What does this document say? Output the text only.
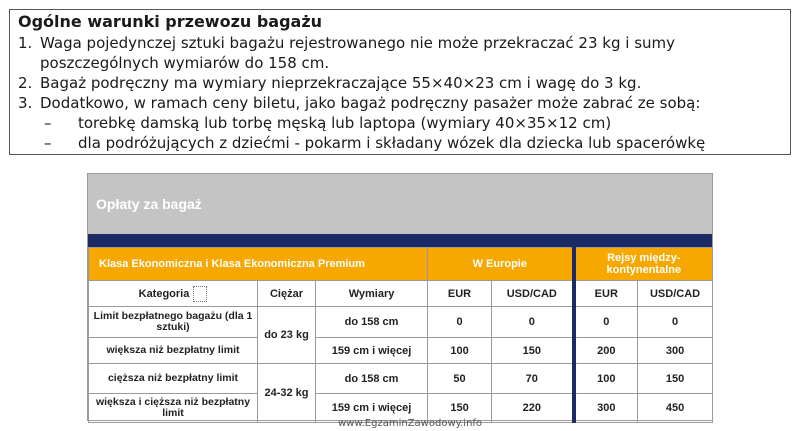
Ogólne warunki przewozu bagażu
1. Waga pojedynczej sztuki bagażu rejestrowanego nie może przekraczać 23 kg i sumy poszczególnych wymiarów do 158 cm.
2. Bagaż podręczny ma wymiary nieprzekraczające 55×40×23 cm i wagę do 3 kg.
3. Dodatkowo, w ramach ceny biletu, jako bagaż podręczny pasażer może zabrać ze sobą:
–	torebkę damską lub torbę męską lub laptopa (wymiary 40×35×12 cm)
–	dla podróżujących z dziećmi - pokarm i składany wózek dla dziecka lub spacerówkę
Opłaty za bagaż
Klasa Ekonomiczna i Klasa Ekonomiczna Premium			W Europie		Rejsy między-
kontynentalne	
Kategoria	Ciężar	Wymiary	EUR	USD/CAD	EUR	USD/CAD
Limit bezpłatnego bagażu (dla 1 sztuki)	do 23 kg	do 158 cm	0	0	0	0
większa niż bezpłatny limit		159 cm i więcej	100	150	200	300
cięższa niż bezpłatny limit	24-32 kg	do 158 cm	50	70	100	150
większa i cięższa niż bezpłatny limit		159 cm i więcej	150	220	300	450
www.EgzaminZawodowy.info
